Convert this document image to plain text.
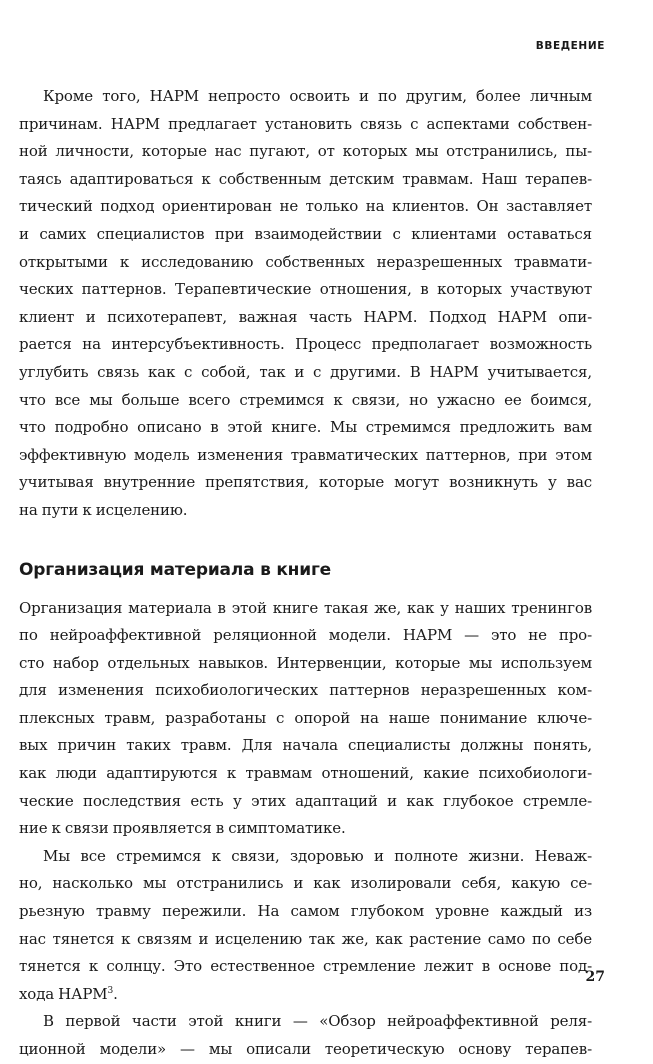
ВВЕДЕНИЕ
Кроме того, НАРМ непросто освоить и по другим, более личным
причинам. НАРМ предлагает установить связь с аспектами собствен-
ной личности, которые нас пугают, от которых мы отстранились, пы-
таясь адаптироваться к собственным детским травмам. Наш терапев-
тический подход ориентирован не только на клиентов. Он заставляет
и самих специалистов при взаимодействии с клиентами оставаться
открытыми к исследованию собственных неразрешенных травмати-
ческих паттернов. Терапевтические отношения, в которых участвуют
клиент и психотерапевт, важная часть НАРМ. Подход НАРМ опи-
рается на интерсубъективность. Процесс предполагает возможность
углубить связь как с собой, так и с другими. В НАРМ учитывается,
что все мы больше всего стремимся к связи, но ужасно ее боимся,
что подробно описано в этой книге. Мы стремимся предложить вам
эффективную модель изменения травматических паттернов, при этом
учитывая внутренние препятствия, которые могут возникнуть у вас
на пути к исцелению.
Организация материала в книге
Организация материала в этой книге такая же, как у наших тренингов
по нейроаффективной реляционной модели. НАРМ — это не про-
сто набор отдельных навыков. Интервенции, которые мы используем
для изменения психобиологических паттернов неразрешенных ком-
плексных травм, разработаны с опорой на наше понимание ключе-
вых причин таких травм. Для начала специалисты должны понять,
как люди адаптируются к травмам отношений, какие психобиологи-
ческие последствия есть у этих адаптаций и как глубокое стремле-
ние к связи проявляется в симптоматике.
Мы все стремимся к связи, здоровью и полноте жизни. Неваж-
но, насколько мы отстранились и как изолировали себя, какую се-
рьезную травму пережили. На самом глубоком уровне каждый из
нас тянется к связям и исцелению так же, как растение само по себе
тянется к солнцу. Это естественное стремление лежит в основе под-
хода НАРМ$^3$.
В первой части этой книги — «Обзор нейроаффективной реля-
ционной модели» — мы описали теоретическую основу терапев-
27
